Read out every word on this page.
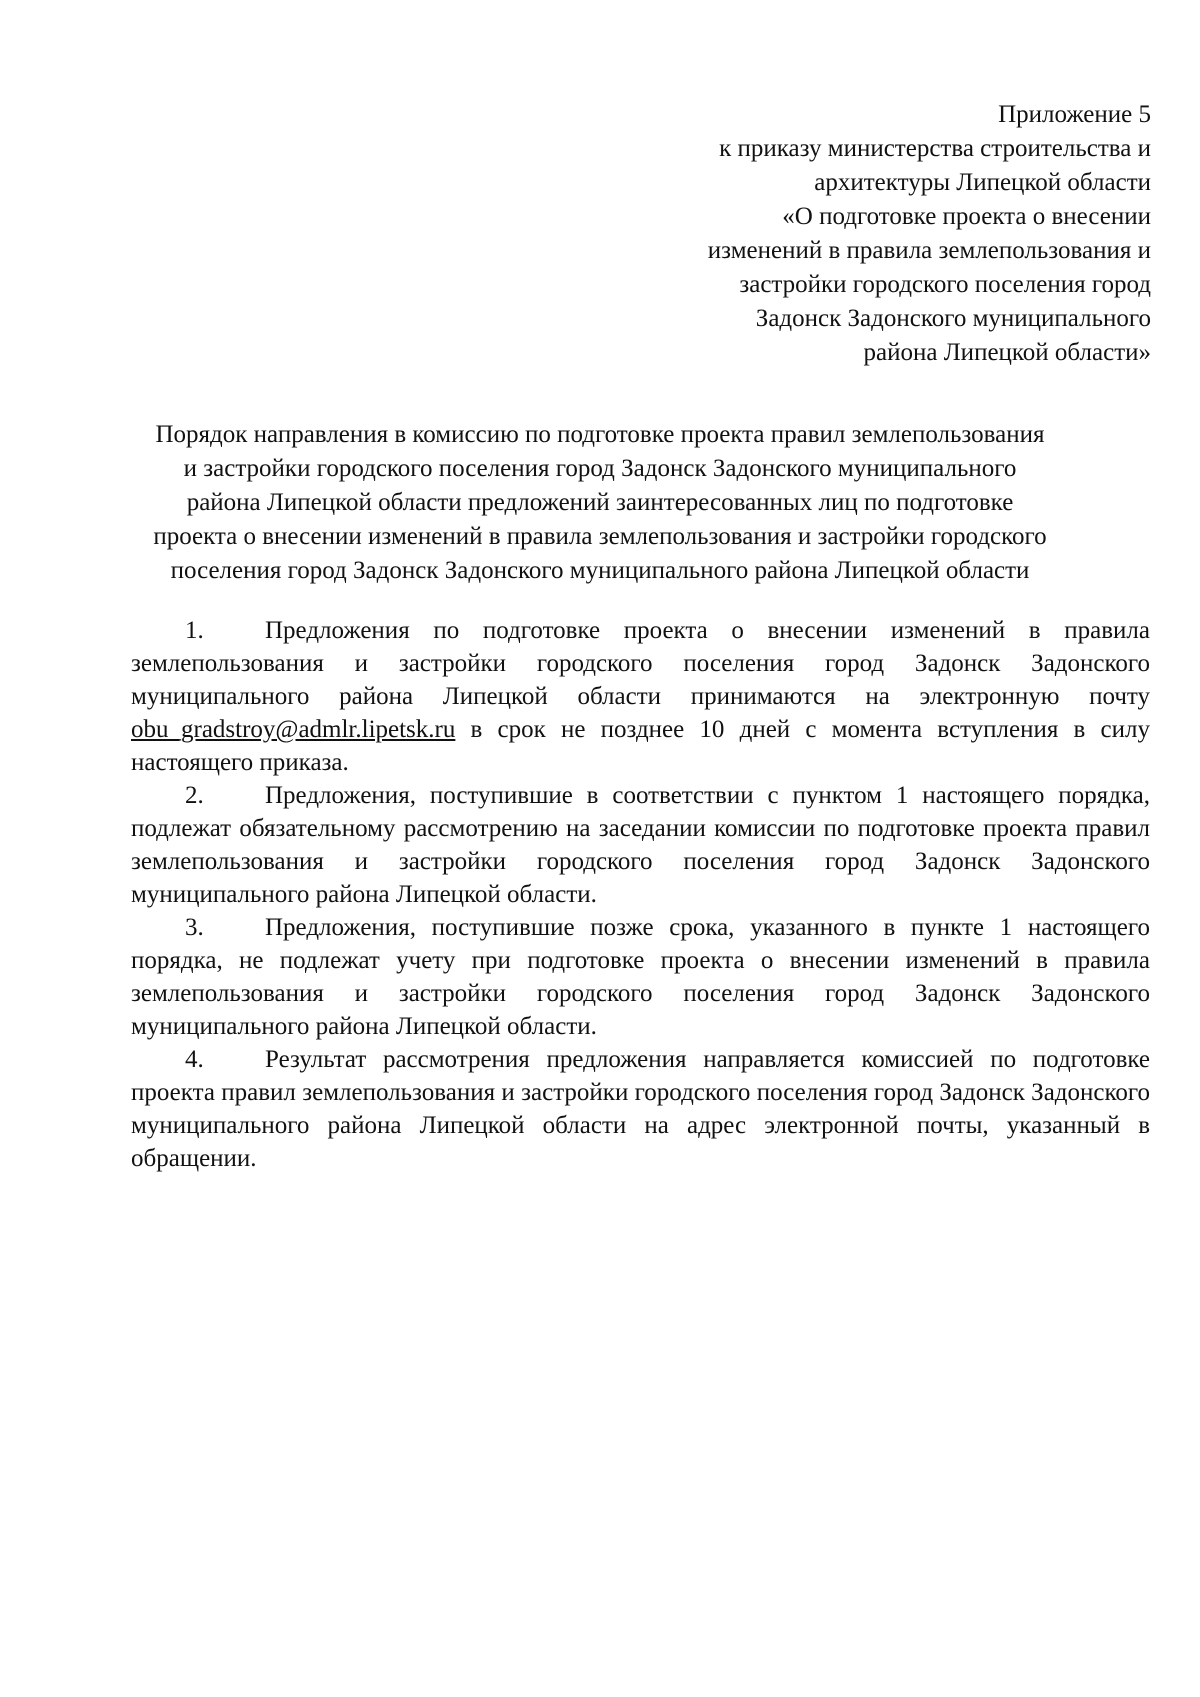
Приложение 5
к приказу министерства строительства и
архитектуры Липецкой области
«О подготовке проекта о внесении
изменений в правила землепользования и
застройки городского поселения город
Задонск Задонского муниципального
района Липецкой области»
Порядок направления в комиссию по подготовке проекта правил землепользования
и застройки городского поселения город Задонск Задонского муниципального
района Липецкой области предложений заинтересованных лиц по подготовке
проекта о внесении изменений в правила землепользования и застройки городского
поселения город Задонск Задонского муниципального района Липецкой области

1. Предложения по подготовке проекта о внесении изменений в правила землепользования и застройки городского поселения город Задонск Задонского муниципального района Липецкой области принимаются на электронную почту obu_gradstroy@admlr.lipetsk.ru в срок не позднее 10 дней с момента вступления в силу настоящего приказа.

2. Предложения, поступившие в соответствии с пунктом 1 настоящего порядка, подлежат обязательному рассмотрению на заседании комиссии по подготовке проекта правил землепользования и застройки городского поселения город Задонск Задонского муниципального района Липецкой области.

3. Предложения, поступившие позже срока, указанного в пункте 1 настоящего порядка, не подлежат учету при подготовке проекта о внесении изменений в правила землепользования и застройки городского поселения город Задонск Задонского муниципального района Липецкой области.

4. Результат рассмотрения предложения направляется комиссией по подготовке проекта правил землепользования и застройки городского поселения город Задонск Задонского муниципального района Липецкой области на адрес электронной почты, указанный в обращении.
